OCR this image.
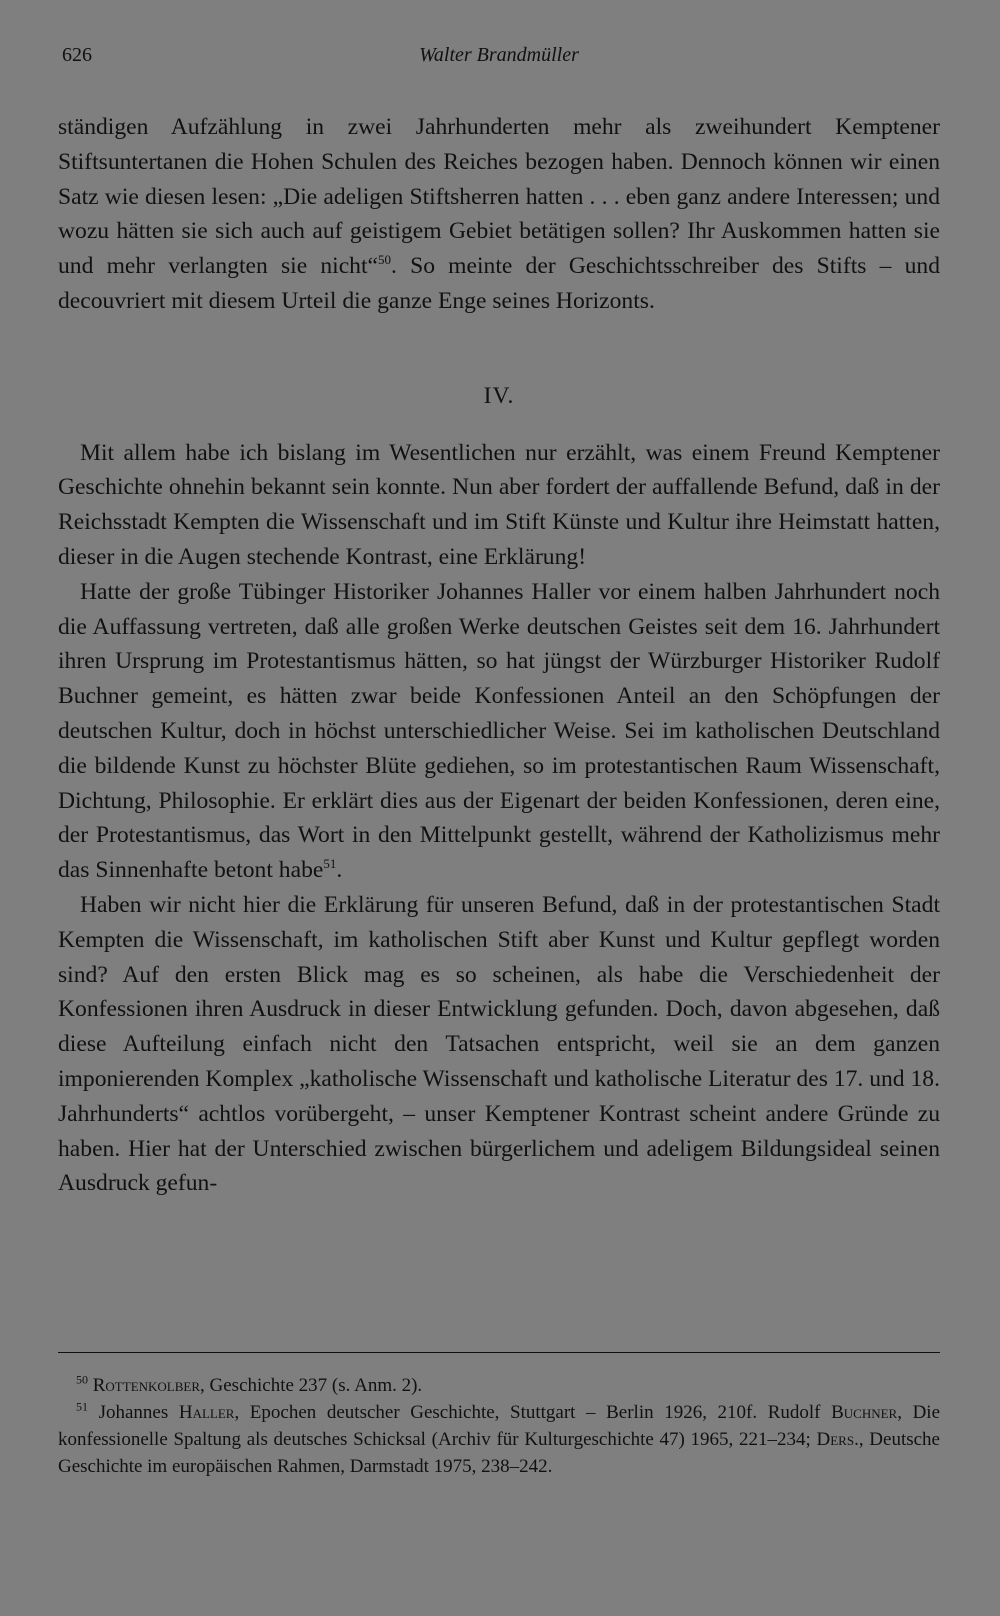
626	Walter Brandmüller

ständigen Aufzählung in zwei Jahrhunderten mehr als zweihundert Kemptener Stiftsuntertanen die Hohen Schulen des Reiches bezogen haben. Dennoch können wir einen Satz wie diesen lesen: „Die adeligen Stiftsherren hatten . . . eben ganz andere Interessen; und wozu hätten sie sich auch auf geistigem Gebiet betätigen sollen? Ihr Auskommen hatten sie und mehr verlangten sie nicht“$^{50}$. So meinte der Geschichtsschreiber des Stifts – und decouvriert mit diesem Urteil die ganze Enge seines Horizonts.

IV.

Mit allem habe ich bislang im Wesentlichen nur erzählt, was einem Freund Kemptener Geschichte ohnehin bekannt sein konnte. Nun aber fordert der auffallende Befund, daß in der Reichsstadt Kempten die Wissenschaft und im Stift Künste und Kultur ihre Heimstatt hatten, dieser in die Augen stechende Kontrast, eine Erklärung!

Hatte der große Tübinger Historiker Johannes Haller vor einem halben Jahrhundert noch die Auffassung vertreten, daß alle großen Werke deutschen Geistes seit dem 16. Jahrhundert ihren Ursprung im Protestantismus hätten, so hat jüngst der Würzburger Historiker Rudolf Buchner gemeint, es hätten zwar beide Konfessionen Anteil an den Schöpfungen der deutschen Kultur, doch in höchst unterschiedlicher Weise. Sei im katholischen Deutschland die bildende Kunst zu höchster Blüte gediehen, so im protestantischen Raum Wissenschaft, Dichtung, Philosophie. Er erklärt dies aus der Eigenart der beiden Konfessionen, deren eine, der Protestantismus, das Wort in den Mittelpunkt gestellt, während der Katholizismus mehr das Sinnenhafte betont habe$^{51}$.

Haben wir nicht hier die Erklärung für unseren Befund, daß in der protestantischen Stadt Kempten die Wissenschaft, im katholischen Stift aber Kunst und Kultur gepflegt worden sind? Auf den ersten Blick mag es so scheinen, als habe die Verschiedenheit der Konfessionen ihren Ausdruck in dieser Entwicklung gefunden. Doch, davon abgesehen, daß diese Aufteilung einfach nicht den Tatsachen entspricht, weil sie an dem ganzen imponierenden Komplex „katholische Wissenschaft und katholische Literatur des 17. und 18. Jahrhunderts“ achtlos vorübergeht, – unser Kemptener Kontrast scheint andere Gründe zu haben. Hier hat der Unterschied zwischen bürgerlichem und adeligem Bildungsideal seinen Ausdruck gefun-

$^{50}$ Rottenkolber, Geschichte 237 (s. Anm. 2).

$^{51}$ Johannes Haller, Epochen deutscher Geschichte, Stuttgart – Berlin 1926, 210f. Rudolf Buchner, Die konfessionelle Spaltung als deutsches Schicksal (Archiv für Kulturgeschichte 47) 1965, 221–234; Ders., Deutsche Geschichte im europäischen Rahmen, Darmstadt 1975, 238–242.
